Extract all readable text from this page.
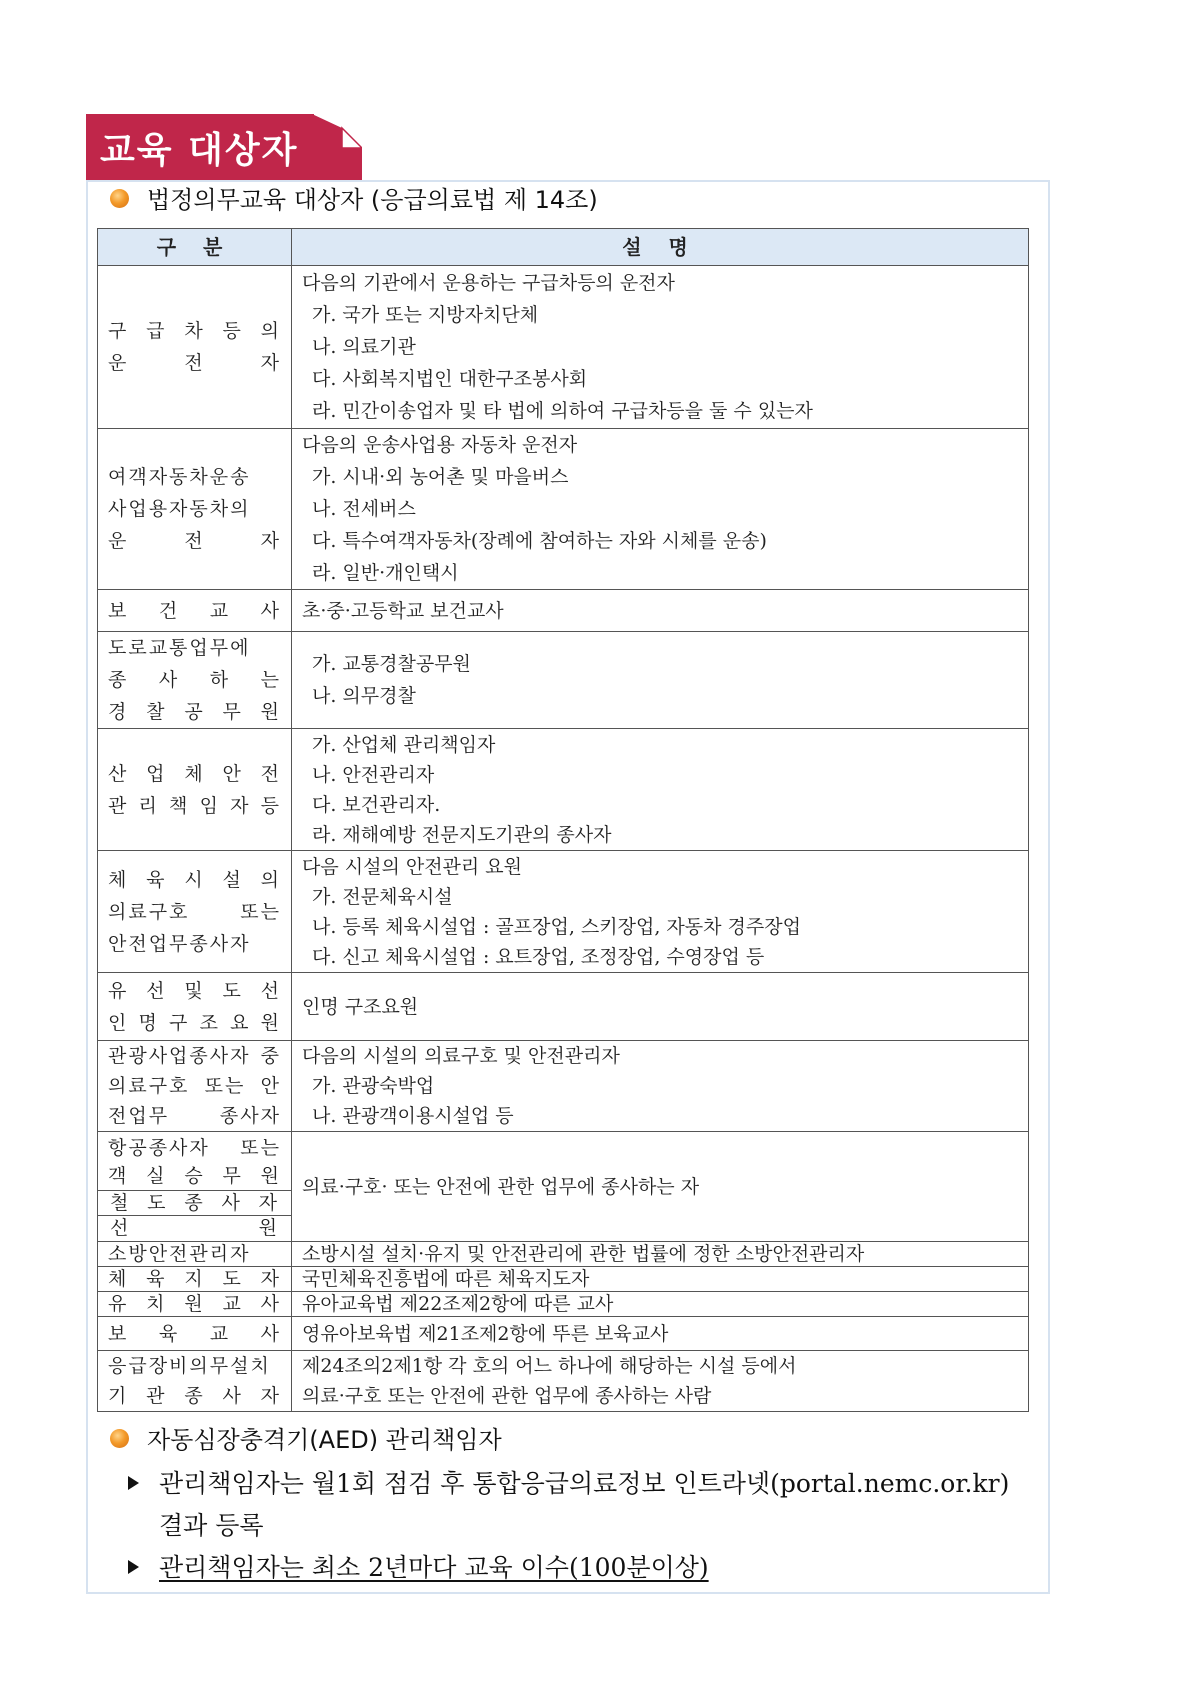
교육 대상자
법정의무교육 대상자 (응급의료법 제 14조)
구 분	설 명

구 급 차 등 의
운 전 자	다음의 기관에서 운용하는 구급차등의 운전자
가. 국가 또는 지방자치단체
나. 의료기관
다. 사회복지법인 대한구조봉사회
라. 민간이송업자 및 타 법에 의하여 구급차등을 둘 수 있는자

여객자동차운송
사업용자동차의
운 전 자	다음의 운송사업용 자동차 운전자
가. 시내·외 농어촌 및 마을버스
나. 전세버스
다. 특수여객자동차(장례에 참여하는 자와 시체를 운송)
라. 일반·개인택시

보 건 교 사	초·중·고등학교 보건교사

도로교통업무에
종 사 하 는
경 찰 공 무 원	가. 교통경찰공무원
나. 의무경찰

산 업 체 안 전
관 리 책 임 자 등	가. 산업체 관리책임자
나. 안전관리자
다. 보건관리자.
라. 재해예방 전문지도기관의 종사자

체 육 시 설 의
의료구호 또는
안전업무종사자	다음 시설의 안전관리 요원
가. 전문체육시설
나. 등록 체육시설업 : 골프장업, 스키장업, 자동차 경주장업
다. 신고 체육시설업 : 요트장업, 조정장업, 수영장업 등

유 선 및 도 선
인 명 구 조 요 원	인명 구조요원

관광사업종사자 중
의료구호 또는 안
전업무 종사자	다음의 시설의 의료구호 및 안전관리자
가. 관광숙박업
나. 관광객이용시설업 등

항공종사자 또는
객 실 승 무 원
철 도 종 사 자
선 원	의료·구호· 또는 안전에 관한 업무에 종사하는 자

소방안전관리자	소방시설 설치·유지 및 안전관리에 관한 법률에 정한 소방안전관리자

체 육 지 도 자	국민체육진흥법에 따른 체육지도자

유 치 원 교 사	유아교육법 제22조제2항에 따른 교사

보 육 교 사	영유아보육법 제21조제2항에 뚜른 보육교사

응급장비의무설치
기 관 종 사 자	제24조의2제1항 각 호의 어느 하나에 해당하는 시설 등에서
의료·구호 또는 안전에 관한 업무에 종사하는 사람
자동심장충격기(AED) 관리책임자
관리책임자는 월1회 점검 후 통합응급의료정보 인트라넷(portal.nemc.or.kr)
결과 등록
관리책임자는 최소 2년마다 교육 이수(100분이상)
